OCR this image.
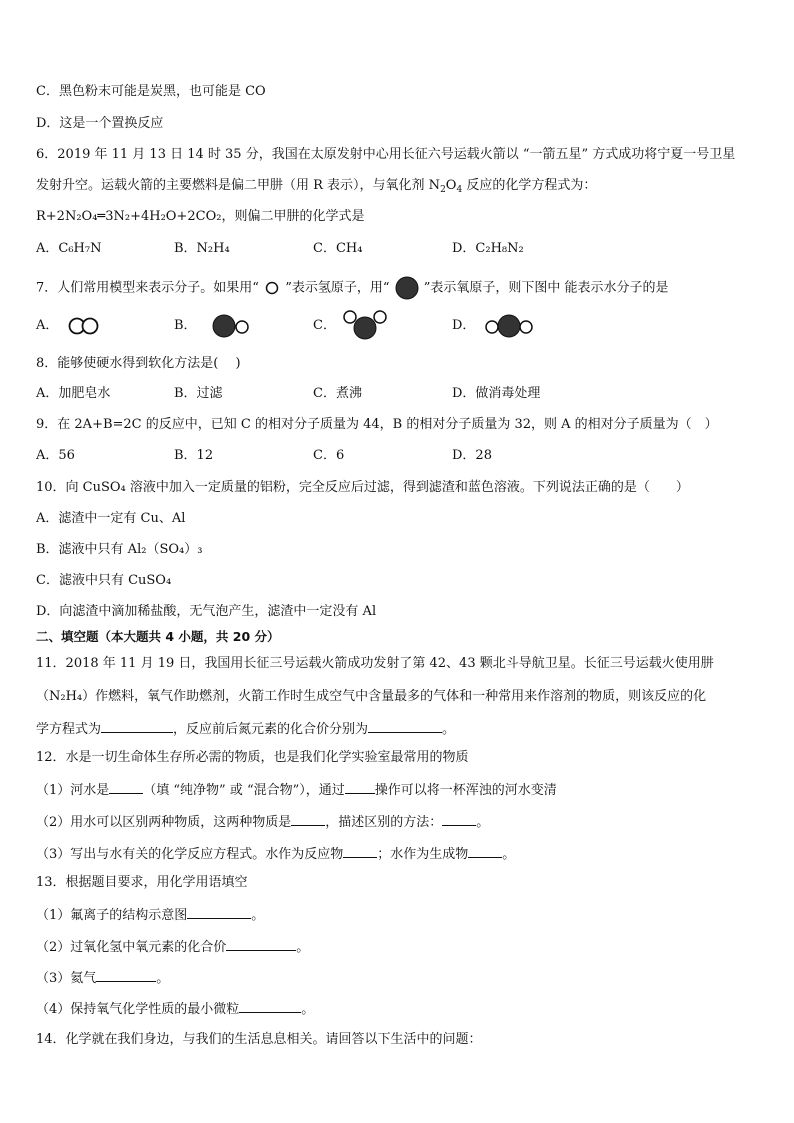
C．黑色粉末可能是炭黑，也可能是 CO
D．这是一个置换反应
6．2019 年 11 月 13 日 14 时 35 分，我国在太原发射中心用长征六号运载火箭以 “一箭五星” 方式成功将宁夏一号卫星
发射升空。运载火箭的主要燃料是偏二甲肼（用 R 表示），与氧化剂 $N_2O_4$ 反应的化学方程式为：
R+2N₂O₄═3N₂+4H₂O+2CO₂，则偏二甲肼的化学式是
A．C₆H₇N	B．N₂H₄	C．CH₄	D．C₂H₈N₂
7．人们常用模型来表示分子。如果用“ ”表示氢原子，用“	”表示氧原子，则下图中 能表示水分子的是
A．	B．	C．	D．
8．能够使硬水得到软化方法是(　 )
A．加肥皂水	B．过滤	C．煮沸	D．做消毒处理
9．在 2A+B=2C 的反应中，已知 C 的相对分子质量为 44，B 的相对分子质量为 32，则 A 的相对分子质量为（　）
A．56	B．12	C．6	D．28
10．向 CuSO₄ 溶液中加入一定质量的铝粉，完全反应后过滤，得到滤渣和蓝色溶液。下列说法正确的是（　　）
A．滤渣中一定有 Cu、Al
B．滤液中只有 Al₂（SO₄）₃
C．滤液中只有 CuSO₄
D．向滤渣中滴加稀盐酸，无气泡产生，滤渣中一定没有 Al
二、填空题（本大题共 4 小题，共 20 分）
11．2018 年 11 月 19 日，我国用长征三号运载火箭成功发射了第 42、43 颗北斗导航卫星。长征三号运载火使用肼
（N₂H₄）作燃料，氧气作助燃剂，火箭工作时生成空气中含量最多的气体和一种常用来作溶剂的物质，则该反应的化
学方程式为	，反应前后氮元素的化合价分别为	。
12．水是一切生命体生存所必需的物质，也是我们化学实验室最常用的物质
（1）河水是	（填 “纯净物” 或 “混合物”），通过 操作可以将一杯浑浊的河水变清
（2）用水可以区别两种物质，这两种物质是	，描述区别的方法：	。
（3）写出与水有关的化学反应方程式。水作为反应物	；水作为生成物	。
13．根据题目要求，用化学用语填空
（1）氟离子的结构示意图	。
（2）过氧化氢中氧元素的化合价	。
（3）氦气	。
（4）保持氧气化学性质的最小微粒	。
14．化学就在我们身边，与我们的生活息息相关。请回答以下生活中的问题：
